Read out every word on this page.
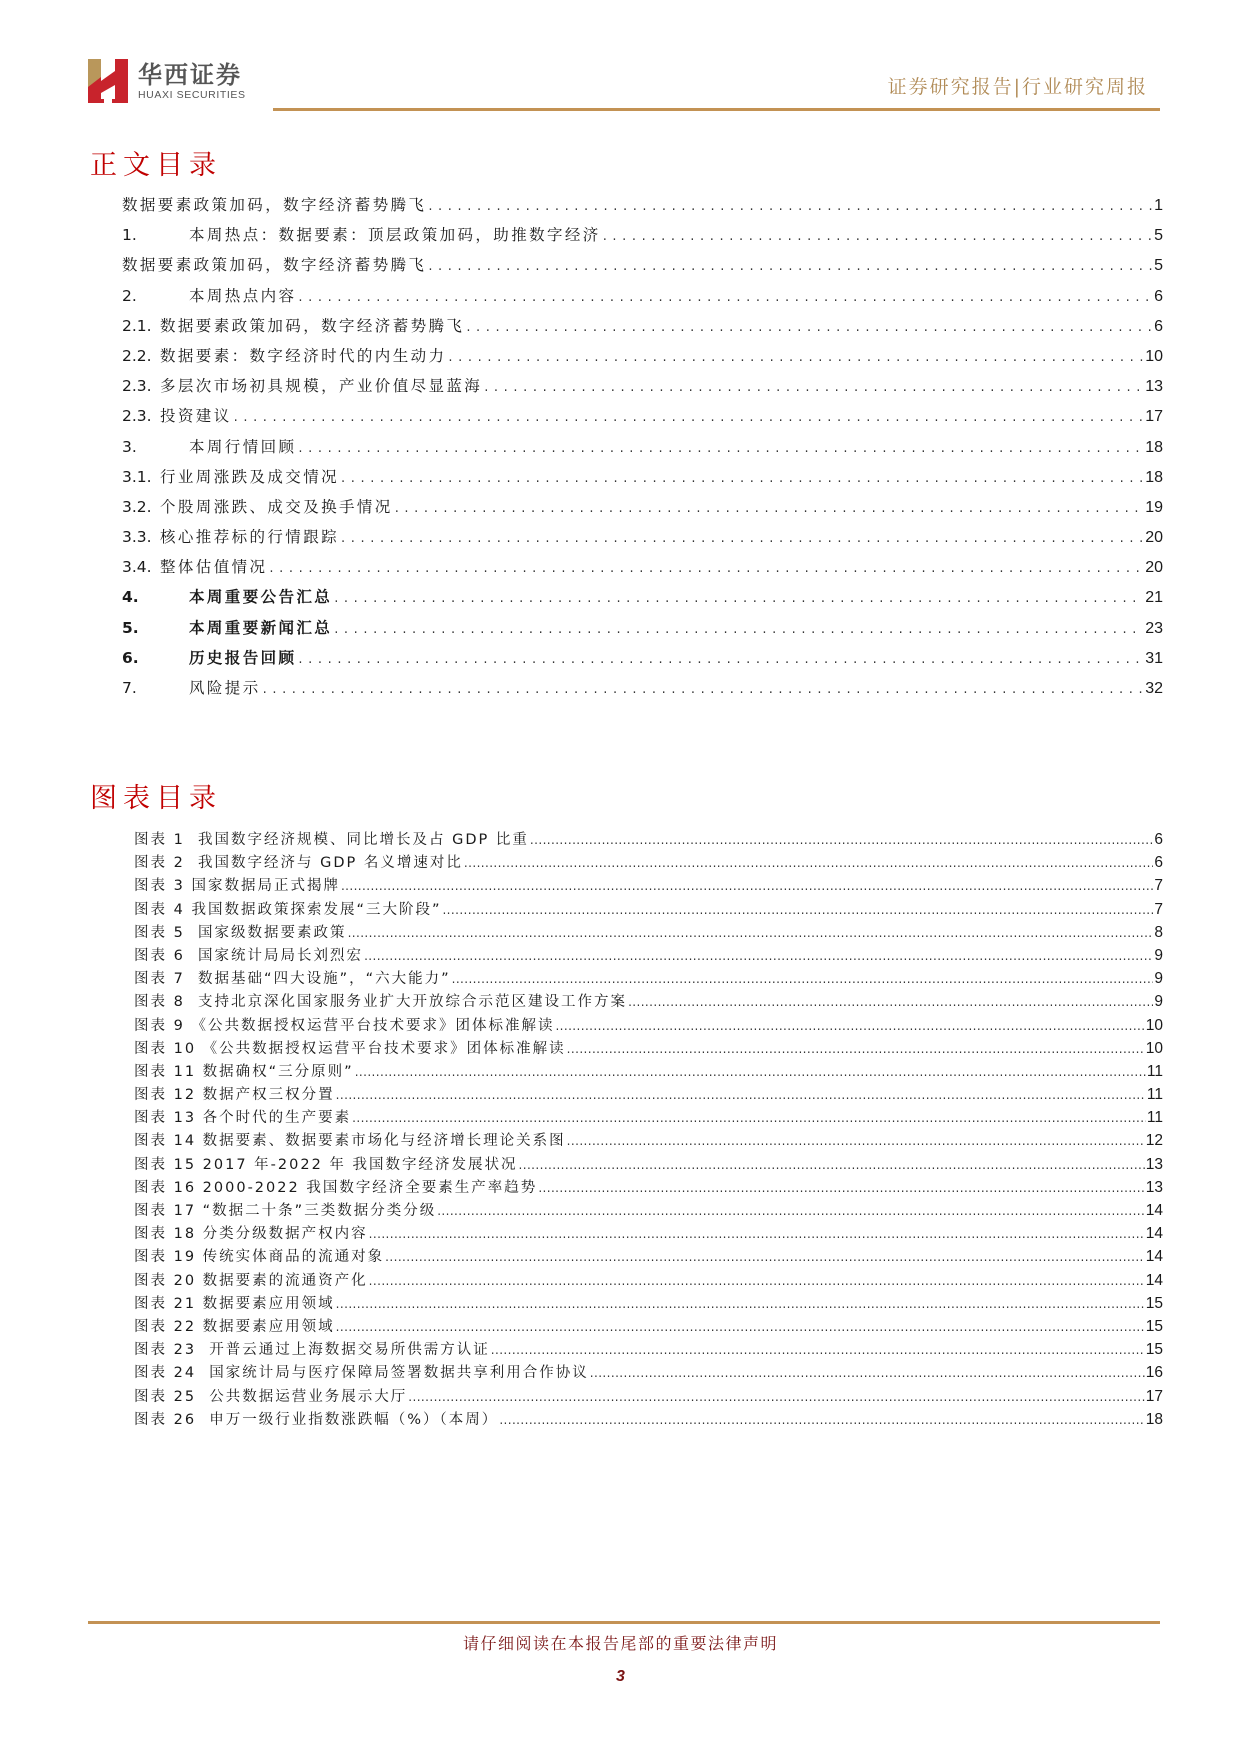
华西证券
HUAXI SECURITIES	证券研究报告|行业研究周报
正文目录
数据要素政策加码，数字经济蓄势腾飞 .....	1
1.	本周热点：数据要素：顶层政策加码，助推数字经济 .....	5
数据要素政策加码，数字经济蓄势腾飞 .....	5
2.	本周热点内容 .....	6
2.1. 数据要素政策加码，数字经济蓄势腾飞 .....	6
2.2. 数据要素：数字经济时代的内生动力 .....	10
2.3. 多层次市场初具规模，产业价值尽显蓝海 .....	13
2.3. 投资建议 .....	17
3.	本周行情回顾 .....	18
3.1. 行业周涨跌及成交情况 .....	18
3.2. 个股周涨跌、成交及换手情况 .....	19
3.3. 核心推荐标的行情跟踪 .....	20
3.4. 整体估值情况 .....	20
4.	本周重要公告汇总 .....	21
5.	本周重要新闻汇总 .....	23
6.	历史报告回顾 .....	31
7.	风险提示 .....	32
图表目录
图表 1  我国数字经济规模、同比增长及占 GDP 比重 .....	6
图表 2  我国数字经济与 GDP 名义增速对比 .....	6
图表 3 国家数据局正式揭牌 .....	7
图表 4 我国数据政策探索发展“三大阶段” .....	7
图表 5  国家级数据要素政策 .....	8
图表 6  国家统计局局长刘烈宏 .....	9
图表 7  数据基础“四大设施”，“六大能力” .....	9
图表 8  支持北京深化国家服务业扩大开放综合示范区建设工作方案 .....	9
图表 9 《公共数据授权运营平台技术要求》团体标准解读 .....	10
图表 10 《公共数据授权运营平台技术要求》团体标准解读 .....	10
图表 11 数据确权“三分原则” .....	11
图表 12 数据产权三权分置 .....	11
图表 13 各个时代的生产要素 .....	11
图表 14 数据要素、数据要素市场化与经济增长理论关系图 .....	12
图表 15 2017 年-2022 年 我国数字经济发展状况 .....	13
图表 16 2000-2022 我国数字经济全要素生产率趋势 .....	13
图表 17 “数据二十条”三类数据分类分级 .....	14
图表 18 分类分级数据产权内容 .....	14
图表 19 传统实体商品的流通对象 .....	14
图表 20 数据要素的流通资产化 .....	14
图表 21 数据要素应用领域 .....	15
图表 22 数据要素应用领域 .....	15
图表 23  开普云通过上海数据交易所供需方认证 .....	15
图表 24  国家统计局与医疗保障局签署数据共享利用合作协议 .....	16
图表 25  公共数据运营业务展示大厅 .....	17
图表 26  申万一级行业指数涨跌幅（%）（本周） .....	18
请仔细阅读在本报告尾部的重要法律声明
3
